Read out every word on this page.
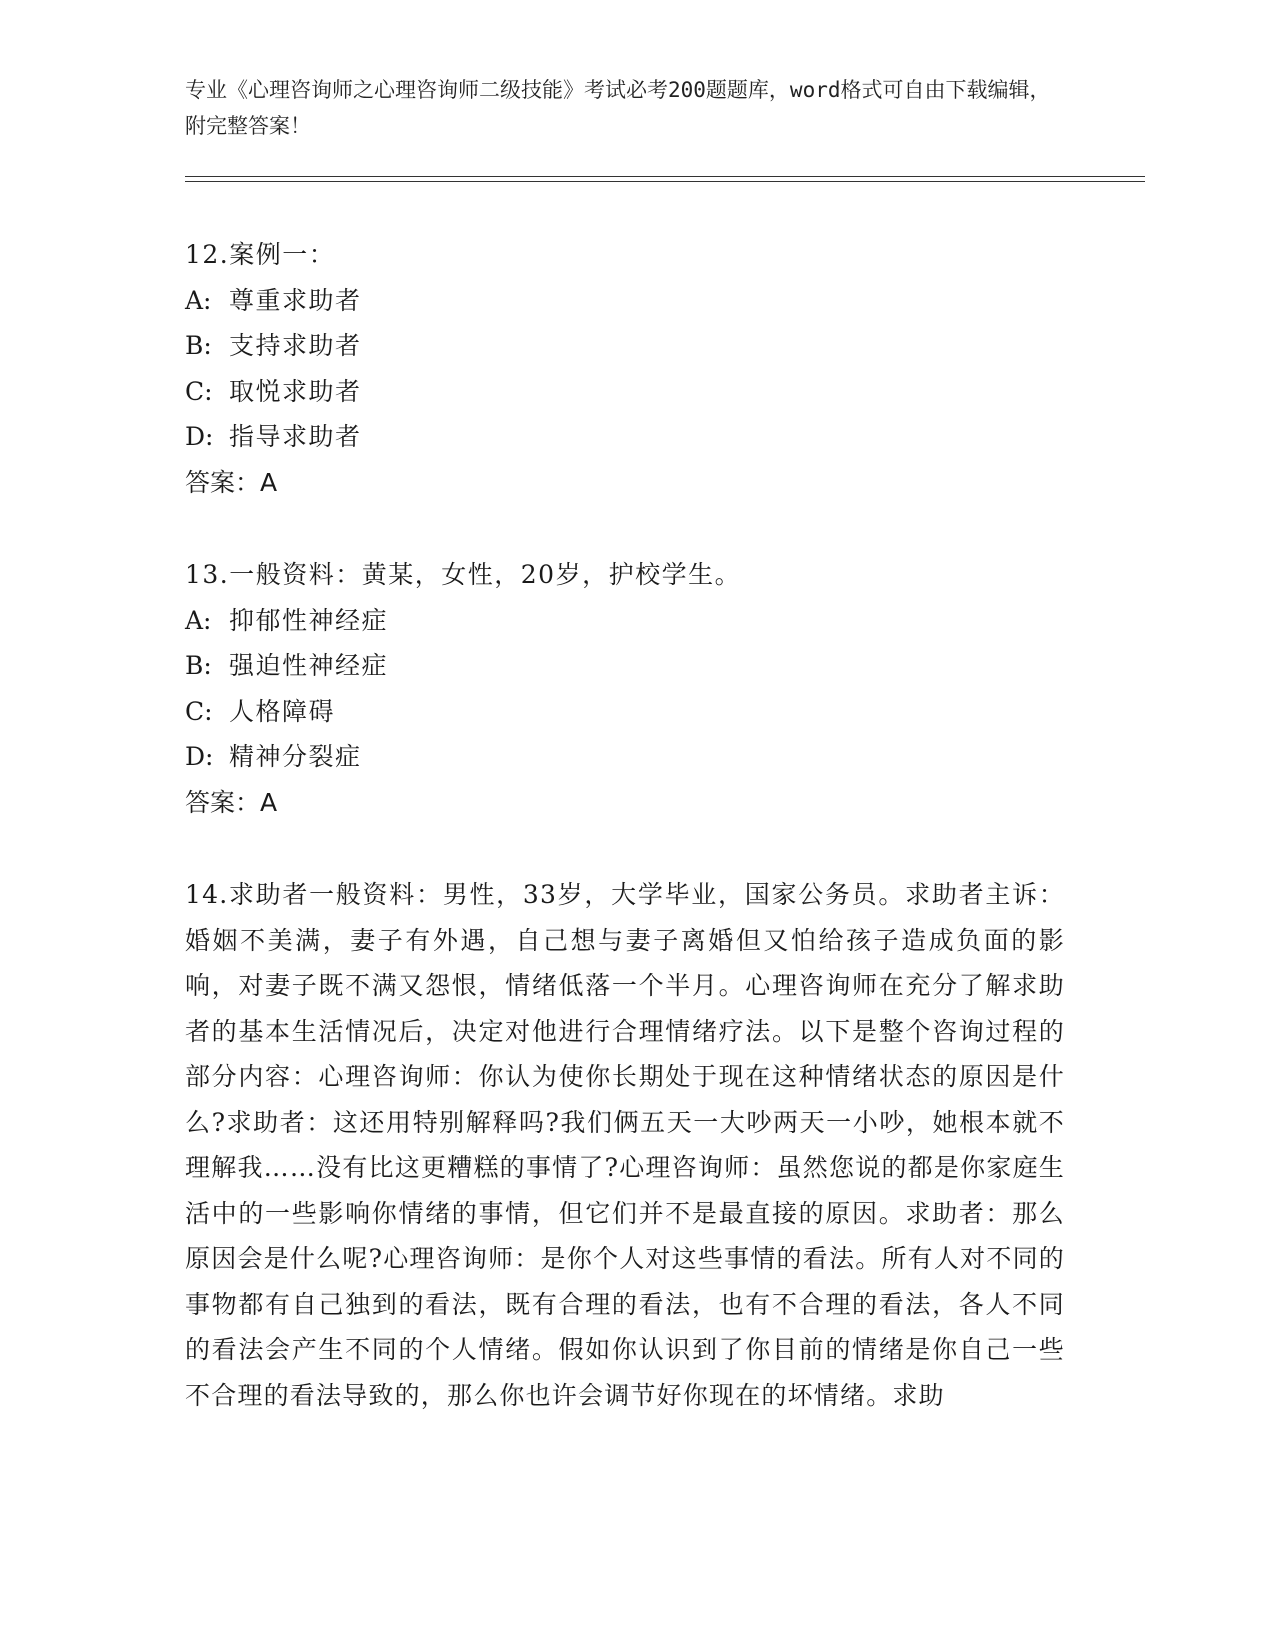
专业《心理咨询师之心理咨询师二级技能》考试必考200题题库，word格式可自由下载编辑，附完整答案！
12.案例一：
A: 尊重求助者
B: 支持求助者
C: 取悦求助者
D: 指导求助者
答案：A
13.一般资料：黄某，女性，20岁，护校学生。
A: 抑郁性神经症
B: 强迫性神经症
C: 人格障碍
D: 精神分裂症
答案：A
14.求助者一般资料：男性，33岁，大学毕业，国家公务员。求助者主诉：婚姻不美满，妻子有外遇，自己想与妻子离婚但又怕给孩子造成负面的影响，对妻子既不满又怨恨，情绪低落一个半月。心理咨询师在充分了解求助者的基本生活情况后，决定对他进行合理情绪疗法。以下是整个咨询过程的部分内容：心理咨询师：你认为使你长期处于现在这种情绪状态的原因是什么?求助者：这还用特别解释吗?我们俩五天一大吵两天一小吵，她根本就不理解我……没有比这更糟糕的事情了?心理咨询师：虽然您说的都是你家庭生活中的一些影响你情绪的事情，但它们并不是最直接的原因。求助者：那么原因会是什么呢?心理咨询师：是你个人对这些事情的看法。所有人对不同的事物都有自己独到的看法，既有合理的看法，也有不合理的看法，各人不同的看法会产生不同的个人情绪。假如你认识到了你目前的情绪是你自己一些不合理的看法导致的，那么你也许会调节好你现在的坏情绪。求助
